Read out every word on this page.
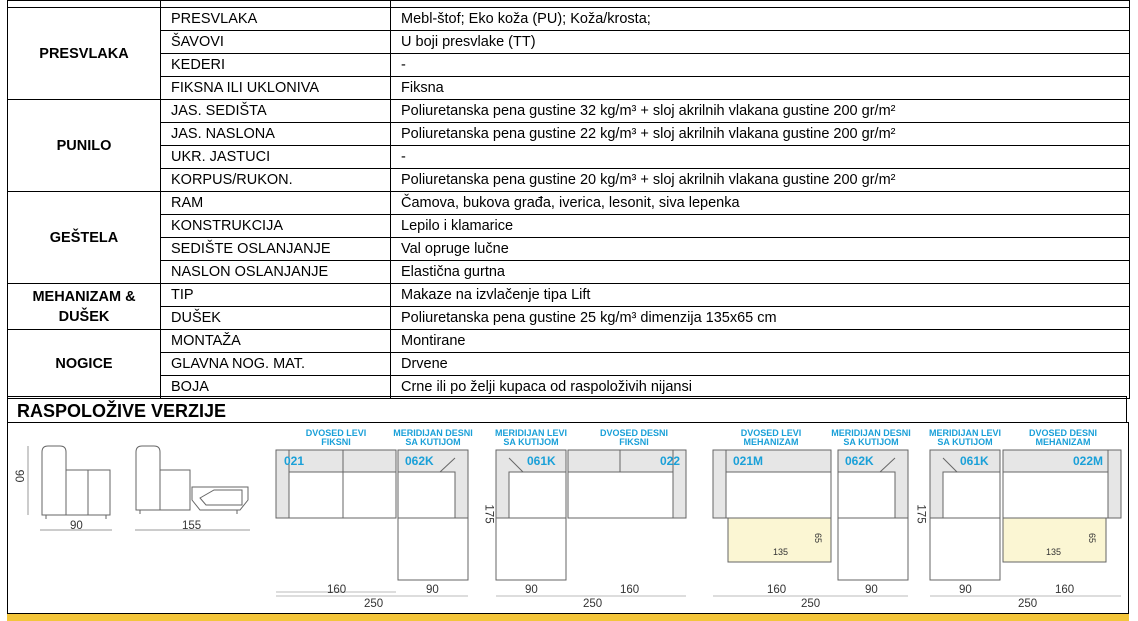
PRESVLAKA	PRESVLAKA	Mebl-štof; Eko koža (PU); Koža/krosta;
	ŠAVOVI	U boji presvlake (TT)
	KEDERI	-
	FIKSNA ILI UKLONIVA	Fiksna
PUNILO	JAS. SEDIŠTA	Poliuretanska pena gustine 32 kg/m³ + sloj akrilnih vlakana gustine 200 gr/m²
	JAS. NASLONA	Poliuretanska pena gustine 22 kg/m³ + sloj akrilnih vlakana gustine 200 gr/m²
	UKR. JASTUCI	-
	KORPUS/RUKON.	Poliuretanska pena gustine 20 kg/m³ + sloj akrilnih vlakana gustine 200 gr/m²
GEŠTELA	RAM	Čamova, bukova građa, iverica, lesonit, siva lepenka
	KONSTRUKCIJA	Lepilo i klamarice
	SEDIŠTE OSLANJANJE	Val opruge lučne
	NASLON OSLANJANJE	Elastična gurtna
MEHANIZAM & DUŠEK	TIP	Makaze na izvlačenje tipa Lift
	DUŠEK	Poliuretanska pena gustine 25 kg/m³ dimenzija 135x65 cm
NOGICE	MONTAŽA	Montirane
	GLAVNA NOG. MAT.	Drvene
	BOJA	Crne ili po želji kupaca od raspoloživih nijansi
RASPOLOŽIVE VERZIJE
90
90	155
DVOSED LEVI FIKSNI
MERIDIJAN DESNI SA KUTIJOM
MERIDIJAN LEVI SA KUTIJOM
DVOSED DESNI FIKSNI
DVOSED LEVI MEHANIZAM
MERIDIJAN DESNI SA KUTIJOM
MERIDIJAN LEVI SA KUTIJOM
DVOSED DESNI MEHANIZAM
021	062K	061K	022	021M	062K	061K	022M
160	90
250
175
90	160
250
160	90
250
175
135
65
90	160
250
135
65
